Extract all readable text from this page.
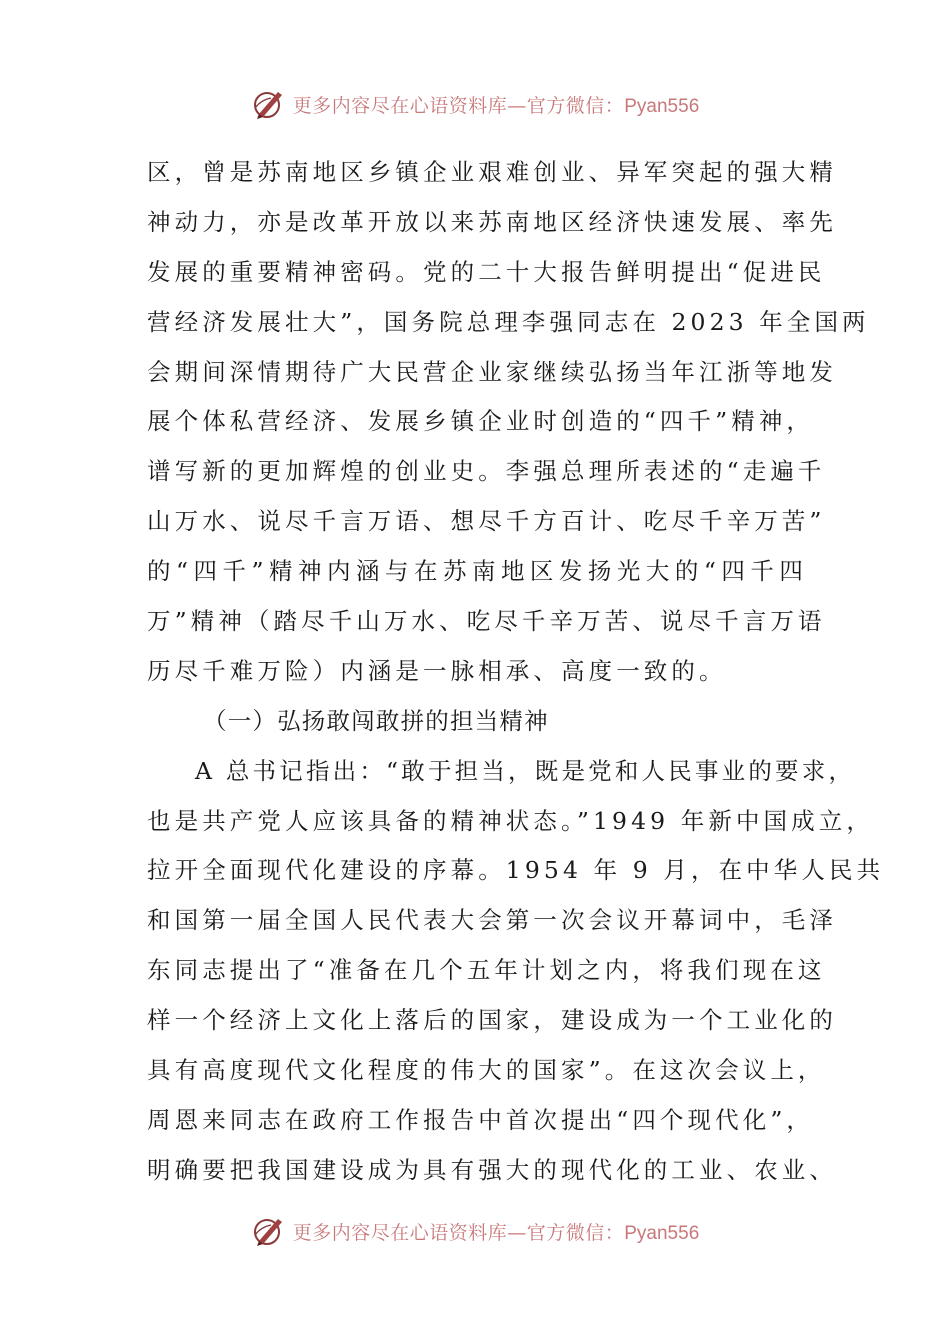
更多内容尽在心语资料库—官方微信：Pyan556
区，曾是苏南地区乡镇企业艰难创业、异军突起的强大精
神动力，亦是改革开放以来苏南地区经济快速发展、率先
发展的重要精神密码。党的二十大报告鲜明提出“促进民
营经济发展壮大”，国务院总理李强同志在 2023 年全国两
会期间深情期待广大民营企业家继续弘扬当年江浙等地发
展个体私营经济、发展乡镇企业时创造的“四千”精神，
谱写新的更加辉煌的创业史。李强总理所表述的“走遍千
山万水、说尽千言万语、想尽千方百计、吃尽千辛万苦”
的“四千”精神内涵与在苏南地区发扬光大的“四千四
万”精神（踏尽千山万水、吃尽千辛万苦、说尽千言万语
历尽千难万险）内涵是一脉相承、高度一致的。
（一）弘扬敢闯敢拼的担当精神
A 总书记指出：“敢于担当，既是党和人民事业的要求，
也是共产党人应该具备的精神状态。”1949 年新中国成立，
拉开全面现代化建设的序幕。1954 年 9 月，在中华人民共
和国第一届全国人民代表大会第一次会议开幕词中，毛泽
东同志提出了“准备在几个五年计划之内，将我们现在这
样一个经济上文化上落后的国家，建设成为一个工业化的
具有高度现代文化程度的伟大的国家”。在这次会议上，
周恩来同志在政府工作报告中首次提出“四个现代化”，
明确要把我国建设成为具有强大的现代化的工业、农业、
更多内容尽在心语资料库—官方微信：Pyan556
